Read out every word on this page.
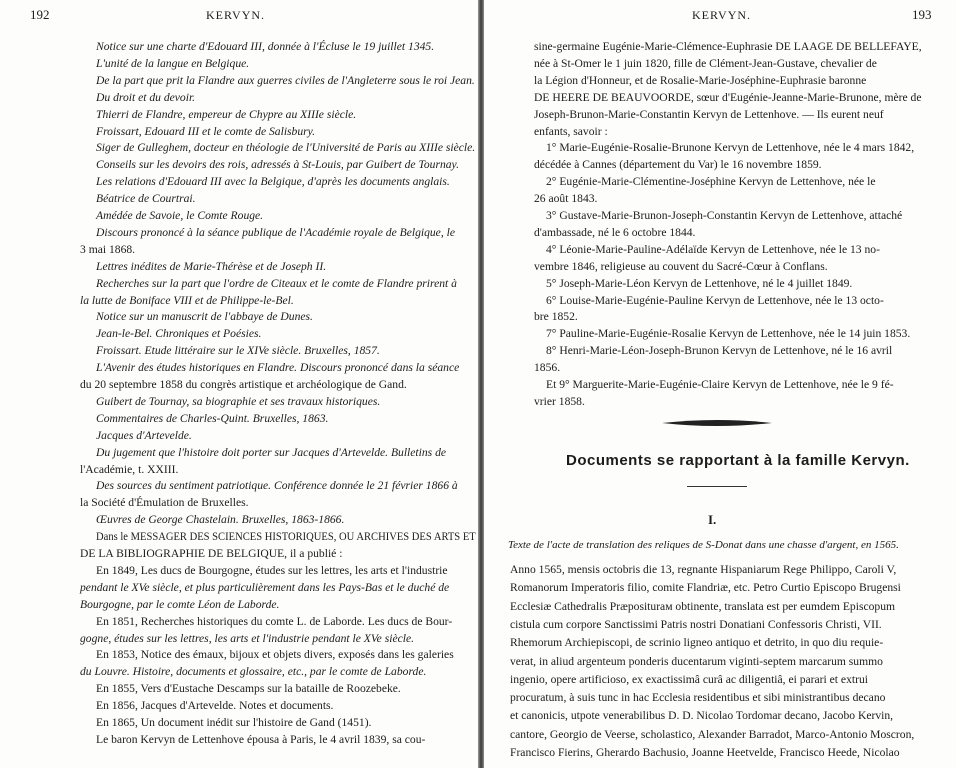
192	KERVYN.
Notice sur une charte d'Edouard III, donnée à l'Écluse le 19 juillet 1345.
L'unité de la langue en Belgique.
De la part que prit la Flandre aux guerres civiles de l'Angleterre sous le roi Jean.
Du droit et du devoir.
Thierri de Flandre, empereur de Chypre au XIIIe siècle.
Froissart, Edouard III et le comte de Salisbury.
Siger de Gulleghem, docteur en théologie de l'Université de Paris au XIIIe siècle.
Conseils sur les devoirs des rois, adressés à St-Louis, par Guibert de Tournay.
Les relations d'Edouard III avec la Belgique, d'après les documents anglais.
Béatrice de Courtrai.
Amédée de Savoie, le Comte Rouge.
Discours prononcé à la séance publique de l'Académie royale de Belgique, le
3 mai 1868.
Lettres inédites de Marie-Thérèse et de Joseph II.
Recherches sur la part que l'ordre de Citeaux et le comte de Flandre prirent à
la lutte de Boniface VIII et de Philippe-le-Bel.
Notice sur un manuscrit de l'abbaye de Dunes.
Jean-le-Bel. Chroniques et Poésies.
Froissart. Etude littéraire sur le XIVe siècle. Bruxelles, 1857.
L'Avenir des études historiques en Flandre. Discours prononcé dans la séance
du 20 septembre 1858 du congrès artistique et archéologique de Gand.
Guibert de Tournay, sa biographie et ses travaux historiques.
Commentaires de Charles-Quint. Bruxelles, 1863.
Jacques d'Artevelde.
Du jugement que l'histoire doit porter sur Jacques d'Artevelde. Bulletins de
l'Académie, t. XXIII.
Des sources du sentiment patriotique. Conférence donnée le 21 février 1866 à
la Société d'Émulation de Bruxelles.
Œuvres de George Chastelain. Bruxelles, 1863-1866.
Dans le MESSAGER DES SCIENCES HISTORIQUES, OU ARCHIVES DES ARTS ET
DE LA BIBLIOGRAPHIE DE BELGIQUE, il a publié :
En 1849, Les ducs de Bourgogne, études sur les lettres, les arts et l'industrie
pendant le XVe siècle, et plus particulièrement dans les Pays-Bas et le duché de
Bourgogne, par le comte Léon de Laborde.
En 1851, Recherches historiques du comte L. de Laborde. Les ducs de Bour-
gogne, études sur les lettres, les arts et l'industrie pendant le XVe siècle.
En 1853, Notice des émaux, bijoux et objets divers, exposés dans les galeries
du Louvre. Histoire, documents et glossaire, etc., par le comte de Laborde.
En 1855, Vers d'Eustache Descamps sur la bataille de Roozebeke.
En 1856, Jacques d'Artevelde. Notes et documents.
En 1865, Un document inédit sur l'histoire de Gand (1451).
Le baron Kervyn de Lettenhove épousa à Paris, le 4 avril 1839, sa cou-
KERVYN.	193
sine-germaine Eugénie-Marie-Clémence-Euphrasie DE LAAGE DE BELLEFAYE,
née à St-Omer le 1 juin 1820, fille de Clément-Jean-Gustave, chevalier de
la Légion d'Honneur, et de Rosalie-Marie-Joséphine-Euphrasie baronne
DE HEERE DE BEAUVOORDE, sœur d'Eugénie-Jeanne-Marie-Brunone, mère de
Joseph-Brunon-Marie-Constantin Kervyn de Lettenhove. — Ils eurent neuf
enfants, savoir :
1° Marie-Eugénie-Rosalie-Brunone Kervyn de Lettenhove, née le 4 mars 1842,
décédée à Cannes (département du Var) le 16 novembre 1859.
2° Eugénie-Marie-Clémentine-Joséphine Kervyn de Lettenhove, née le
26 août 1843.
3° Gustave-Marie-Brunon-Joseph-Constantin Kervyn de Lettenhove, attaché
d'ambassade, né le 6 octobre 1844.
4° Léonie-Marie-Pauline-Adélaïde Kervyn de Lettenhove, née le 13 no-
vembre 1846, religieuse au couvent du Sacré-Cœur à Conflans.
5° Joseph-Marie-Léon Kervyn de Lettenhove, né le 4 juillet 1849.
6° Louise-Marie-Eugénie-Pauline Kervyn de Lettenhove, née le 13 octo-
bre 1852.
7° Pauline-Marie-Eugénie-Rosalie Kervyn de Lettenhove, née le 14 juin 1853.
8° Henri-Marie-Léon-Joseph-Brunon Kervyn de Lettenhove, né le 16 avril
1856.
Et 9° Marguerite-Marie-Eugénie-Claire Kervyn de Lettenhove, née le 9 fé-
vrier 1858.
Documents se rapportant à la famille Kervyn.
I.
Texte de l'acte de translation des reliques de S-Donat dans une chasse d'argent, en 1565.
Anno 1565, mensis octobris die 13, regnante Hispaniarum Rege Philippo, Caroli V,
Romanorum Imperatoris filio, comite Flandriæ, etc. Petro Curtio Episcopo Brugensi
Ecclesiæ Cathedralis Præpositurам obtinente, translata est per eumdem Episcopum
cistula cum corpore Sanctissimi Patris nostri Donatiani Confessoris Christi, VII.
Rhemorum Archiepiscopi, de scrinio ligneo antiquo et detrito, in quo diu requie-
verat, in aliud argenteum ponderis ducentarum viginti-septem marcarum summo
ingenio, opere artificioso, ex exactissimâ curâ ac diligentiâ, ei parari et extrui
procuratum, à suis tunc in hac Ecclesia residentibus et sibi ministrantibus decano
et canonicis, utpote venerabilibus D. D. Nicolao Tordomar decano, Jacobo Kervin,
cantore, Georgio de Veerse, scholastico, Alexander Barradot, Marco-Antonio Moscron,
Francisco Fierins, Gherardo Bachusio, Joanne Heetvelde, Francisco Heede, Nicolao
